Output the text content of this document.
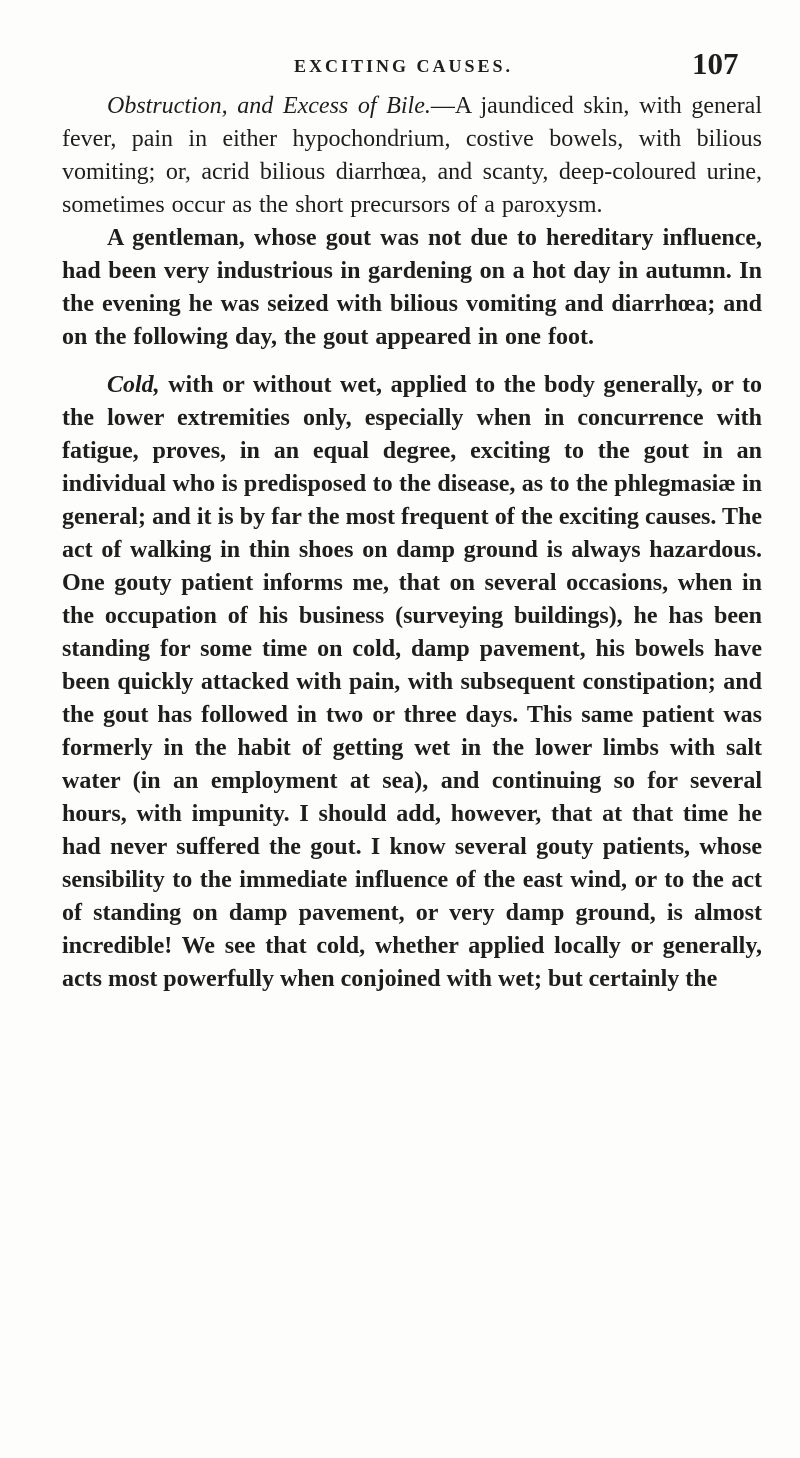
EXCITING CAUSES.	107

Obstruction, and Excess of Bile.—A jaundiced skin, with general fever, pain in either hypochondrium, costive bowels, with bilious vomiting; or, acrid bilious diarrhœa, and scanty, deep-coloured urine, sometimes occur as the short precursors of a paroxysm.

A gentleman, whose gout was not due to hereditary influence, had been very industrious in gardening on a hot day in autumn. In the evening he was seized with bilious vomiting and diarrhœa; and on the following day, the gout appeared in one foot.

Cold, with or without wet, applied to the body generally, or to the lower extremities only, especially when in concurrence with fatigue, proves, in an equal degree, exciting to the gout in an individual who is predisposed to the disease, as to the phlegmasiæ in general; and it is by far the most frequent of the exciting causes. The act of walking in thin shoes on damp ground is always hazardous. One gouty patient informs me, that on several occasions, when in the occupation of his business (surveying buildings), he has been standing for some time on cold, damp pavement, his bowels have been quickly attacked with pain, with subsequent constipation; and the gout has followed in two or three days. This same patient was formerly in the habit of getting wet in the lower limbs with salt water (in an employment at sea), and continuing so for several hours, with impunity. I should add, however, that at that time he had never suffered the gout. I know several gouty patients, whose sensibility to the immediate influence of the east wind, or to the act of standing on damp pavement, or very damp ground, is almost incredible! We see that cold, whether applied locally or generally, acts most powerfully when conjoined with wet; but certainly the
